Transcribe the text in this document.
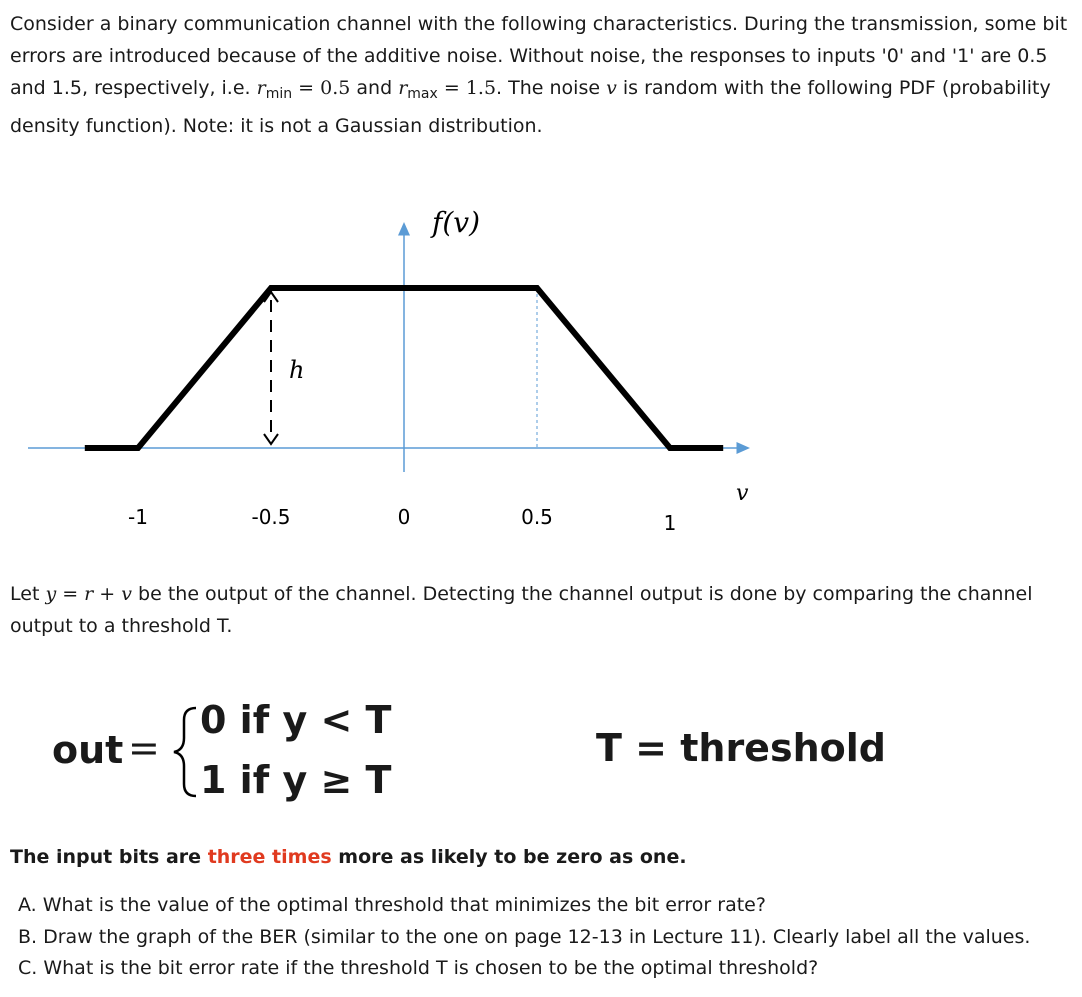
Consider a binary communication channel with the following characteristics. During the transmission, some bit errors are introduced because of the additive noise. Without noise, the responses to inputs '0' and '1' are 0.5 and 1.5, respectively, i.e. $r_{min} = 0.5$ and $r_{max} = 1.5$. The noise v is random with the following PDF (probability density function). Note: it is not a Gaussian distribution.
h
f(v)
v
-1	-0.5	0	0.5	1
Let y = r + v be the output of the channel. Detecting the channel output is done by comparing the channel output to a threshold T.
out =
0 if y < T
1 if y ≥ T
T = threshold
The input bits are three times more as likely to be zero as one.
A. What is the value of the optimal threshold that minimizes the bit error rate?
B. Draw the graph of the BER (similar to the one on page 12-13 in Lecture 11). Clearly label all the values.
C. What is the bit error rate if the threshold T is chosen to be the optimal threshold?
